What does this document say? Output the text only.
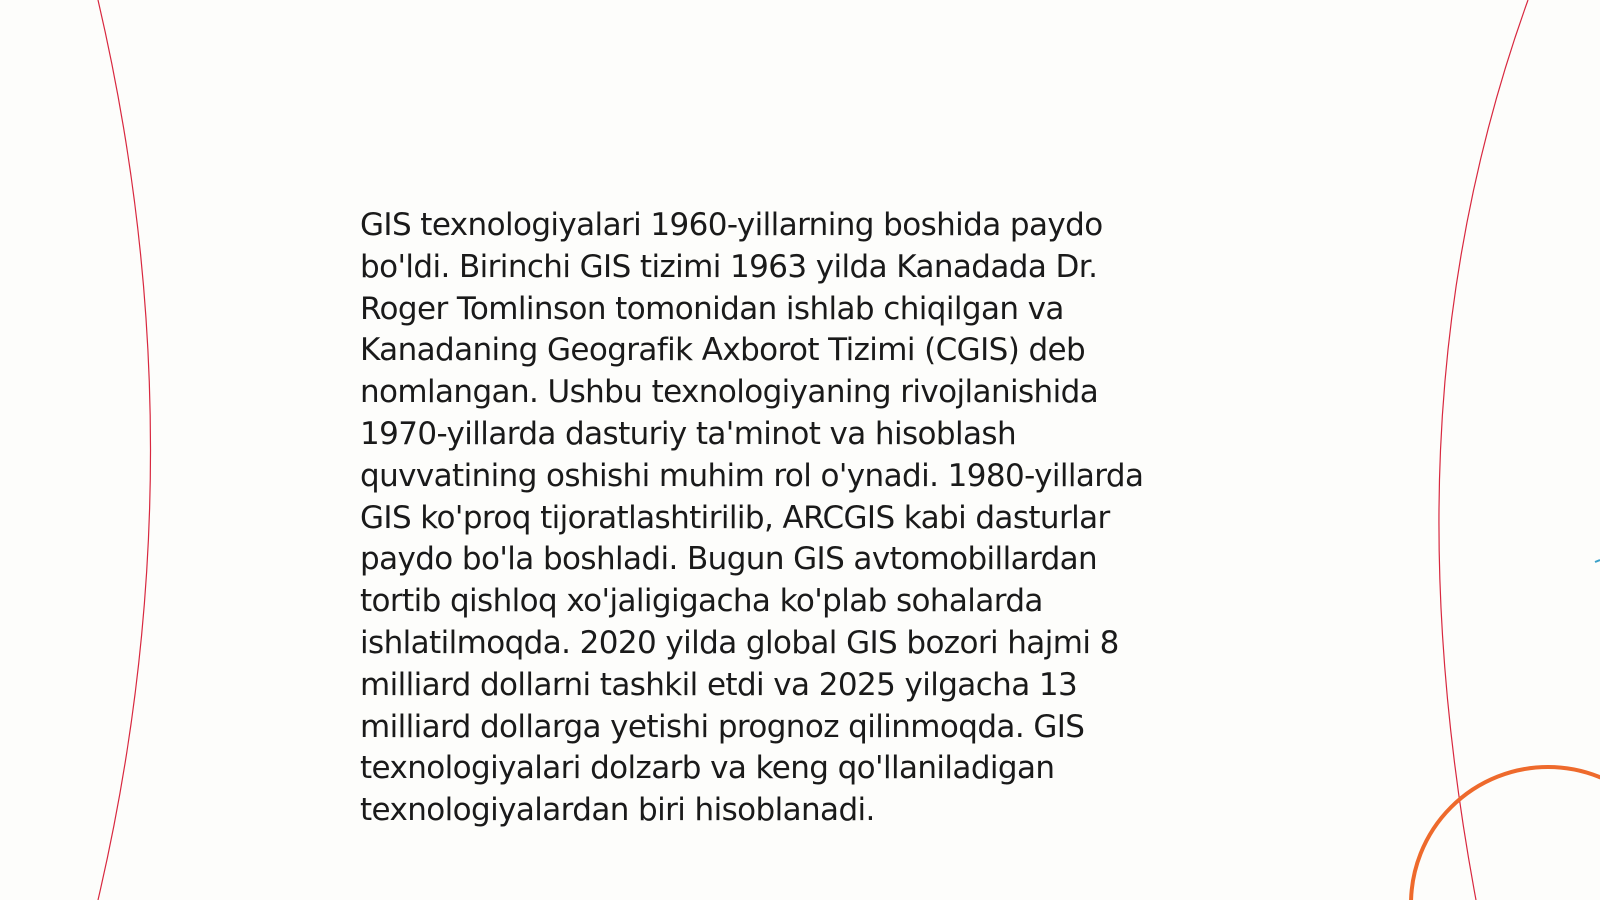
GIS texnologiyalari 1960-yillarning boshida paydo
bo'ldi. Birinchi GIS tizimi 1963 yilda Kanadada Dr.
Roger Tomlinson tomonidan ishlab chiqilgan va
Kanadaning Geografik Axborot Tizimi (CGIS) deb
nomlangan. Ushbu texnologiyaning rivojlanishida
1970-yillarda dasturiy ta'minot va hisoblash
quvvatining oshishi muhim rol o'ynadi. 1980-yillarda
GIS ko'proq tijoratlashtirilib, ARCGIS kabi dasturlar
paydo bo'la boshladi. Bugun GIS avtomobillardan
tortib qishloq xo'jaligigacha ko'plab sohalarda
ishlatilmoqda. 2020 yilda global GIS bozori hajmi 8
milliard dollarni tashkil etdi va 2025 yilgacha 13
milliard dollarga yetishi prognoz qilinmoqda. GIS
texnologiyalari dolzarb va keng qo'llaniladigan
texnologiyalardan biri hisoblanadi.
